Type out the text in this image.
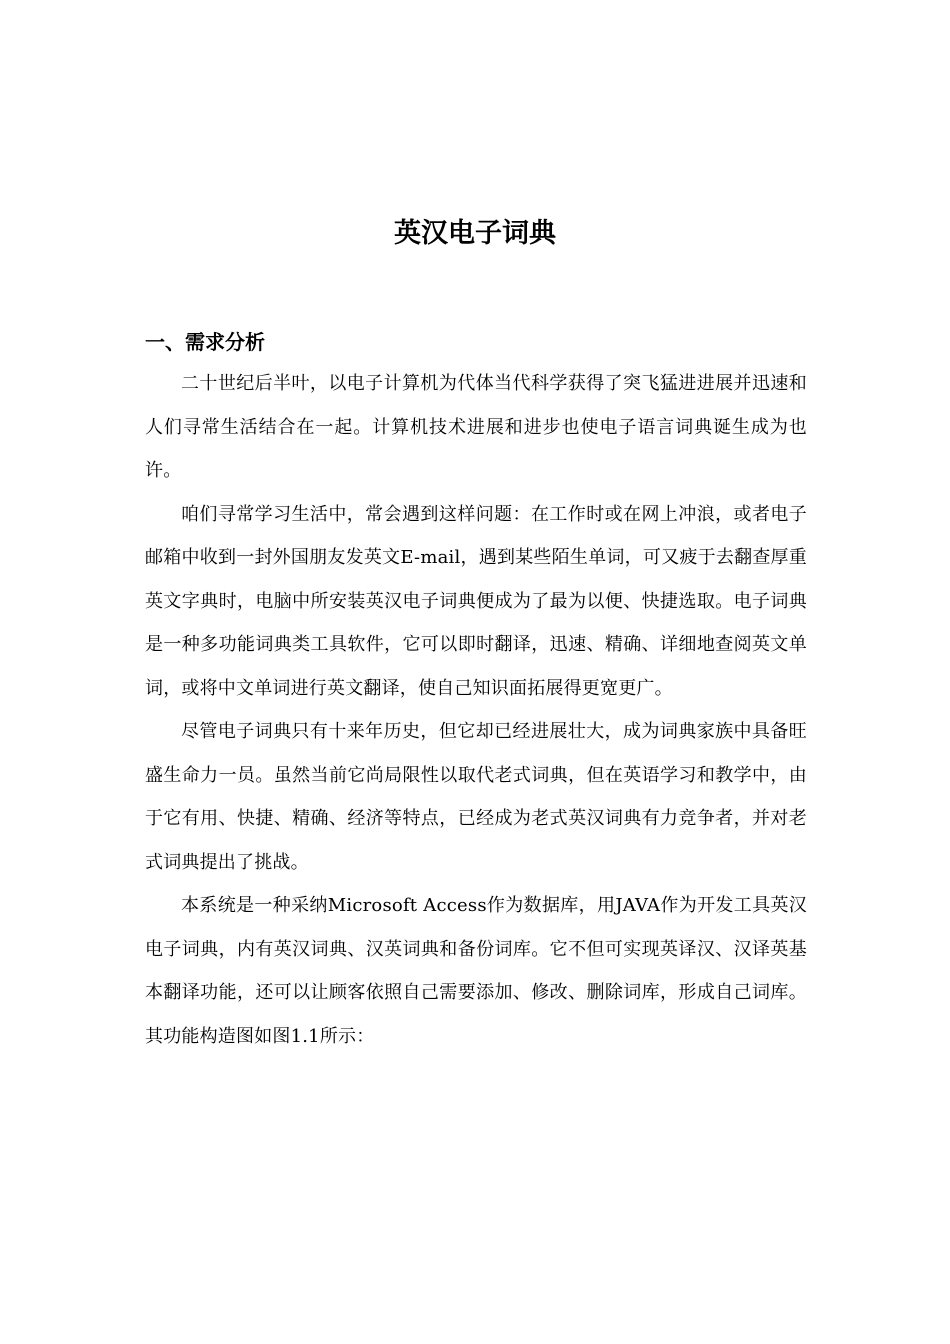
英汉电子词典
一、需求分析

二十世纪后半叶，以电子计算机为代体当代科学获得了突飞猛进进展并迅速和人们寻常生活结合在一起。计算机技术进展和进步也使电子语言词典诞生成为也许。

咱们寻常学习生活中，常会遇到这样问题：在工作时或在网上冲浪，或者电子邮箱中收到一封外国朋友发英文E-mail，遇到某些陌生单词，可又疲于去翻查厚重英文字典时，电脑中所安装英汉电子词典便成为了最为以便、快捷选取。电子词典是一种多功能词典类工具软件，它可以即时翻译，迅速、精确、详细地查阅英文单词，或将中文单词进行英文翻译，使自己知识面拓展得更宽更广。

尽管电子词典只有十来年历史，但它却已经进展壮大，成为词典家族中具备旺盛生命力一员。虽然当前它尚局限性以取代老式词典，但在英语学习和教学中，由于它有用、快捷、精确、经济等特点，已经成为老式英汉词典有力竞争者，并对老式词典提出了挑战。

本系统是一种采纳Microsoft Access作为数据库，用JAVA作为开发工具英汉电子词典，内有英汉词典、汉英词典和备份词库。它不但可实现英译汉、汉译英基本翻译功能，还可以让顾客依照自己需要添加、修改、删除词库，形成自己词库。其功能构造图如图1.1所示：
